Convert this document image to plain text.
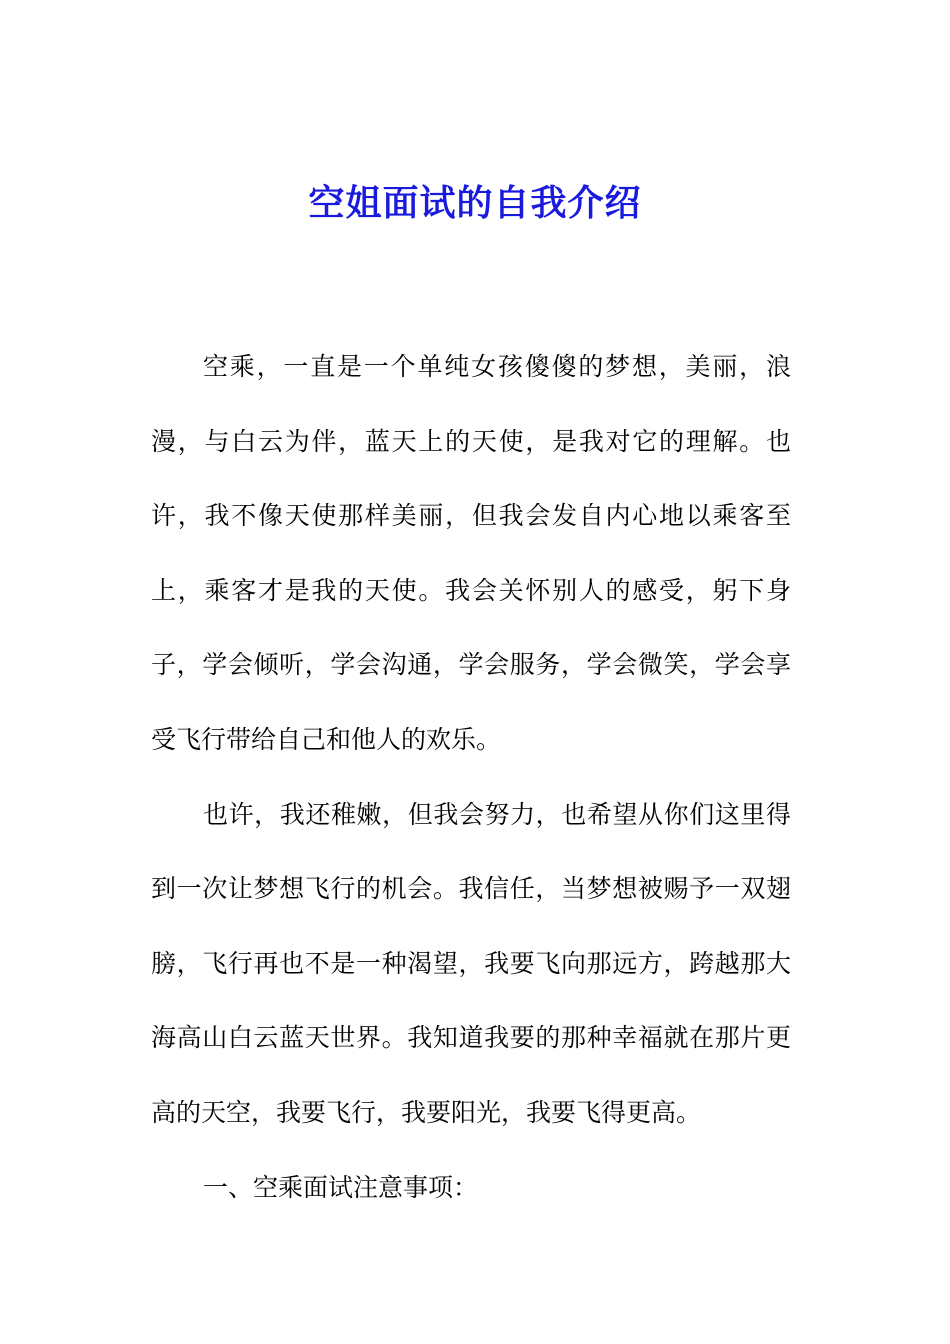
空姐面试的自我介绍

空乘，一直是一个单纯女孩傻傻的梦想，美丽，浪漫，与白云为伴，蓝天上的天使，是我对它的理解。也许，我不像天使那样美丽，但我会发自内心地以乘客至上，乘客才是我的天使。我会关怀别人的感受，躬下身子，学会倾听，学会沟通，学会服务，学会微笑，学会享受飞行带给自己和他人的欢乐。

也许，我还稚嫩，但我会努力，也希望从你们这里得到一次让梦想飞行的机会。我信任，当梦想被赐予一双翅膀，飞行再也不是一种渴望，我要飞向那远方，跨越那大海高山白云蓝天世界。我知道我要的那种幸福就在那片更高的天空，我要飞行，我要阳光，我要飞得更高。

一、空乘面试注意事项：
